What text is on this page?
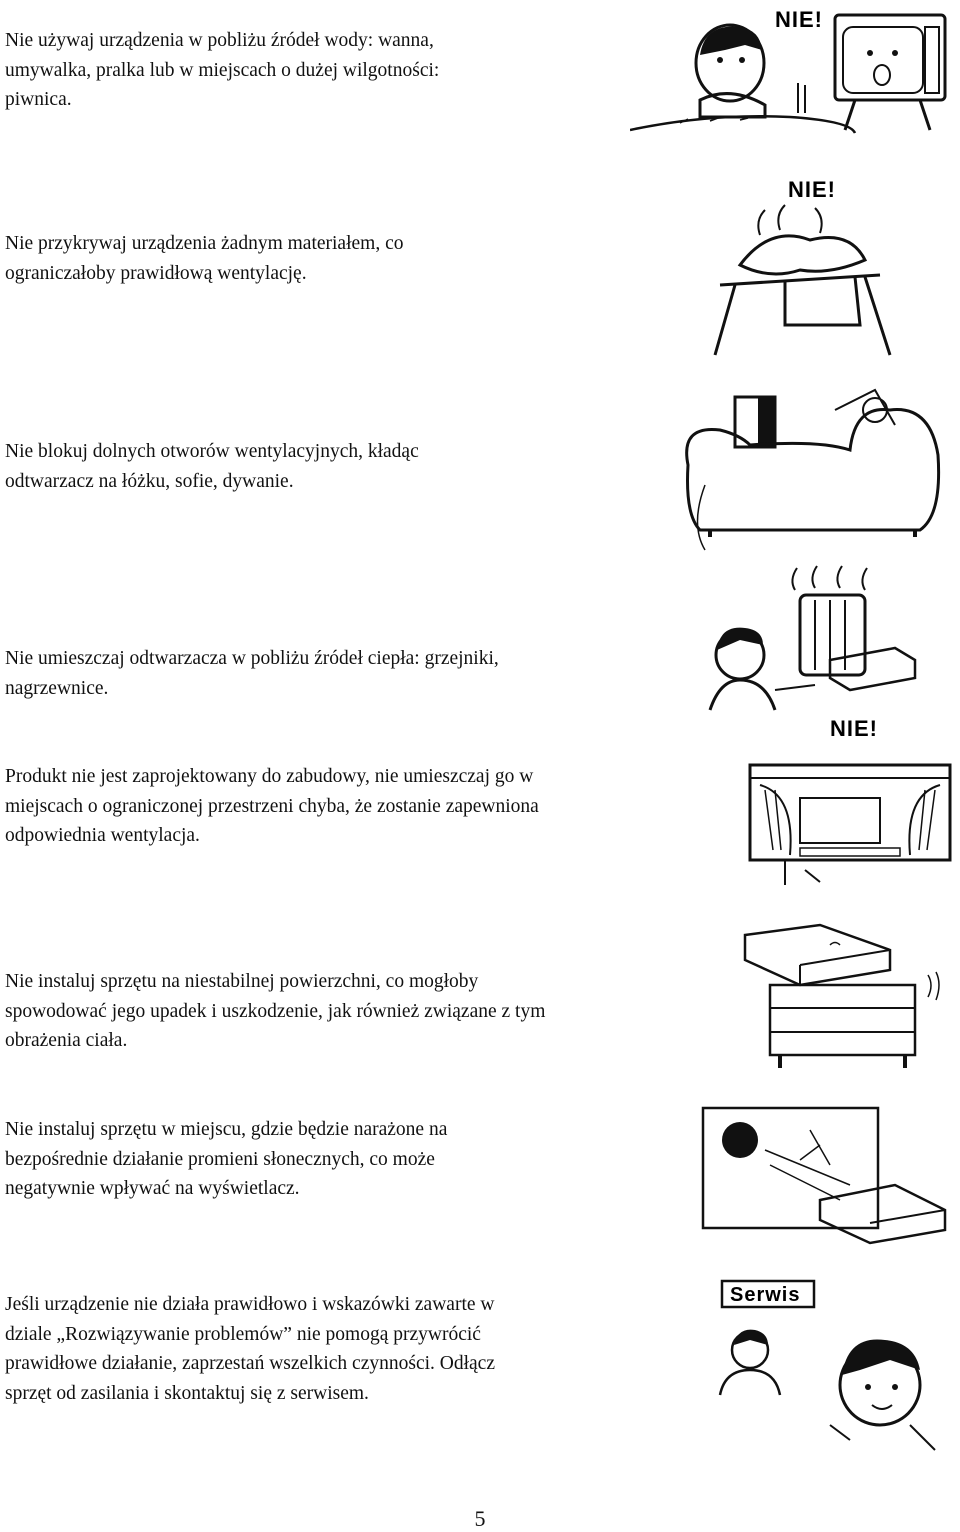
Nie używaj urządzenia w pobliżu źródeł wody: wanna,
umywalka, pralka lub w miejscach o dużej wilgotności:
piwnica.
NIE!
Nie przykrywaj urządzenia żadnym materiałem, co
ograniczałoby prawidłową wentylację.
NIE!
Nie blokuj dolnych otworów wentylacyjnych, kładąc
odtwarzacz na łóżku, sofie, dywanie.
Nie umieszczaj odtwarzacza w pobliżu źródeł ciepła: grzejniki,
nagrzewnice.
Produkt nie jest zaprojektowany do zabudowy, nie umieszczaj go w
miejscach o ograniczonej przestrzeni chyba, że zostanie zapewniona
odpowiednia wentylacja.
NIE!
Nie instaluj sprzętu na niestabilnej powierzchni, co mogłoby
spowodować jego upadek i uszkodzenie, jak również związane z tym
obrażenia ciała.
Nie instaluj sprzętu w miejscu, gdzie będzie narażone na
bezpośrednie działanie promieni słonecznych, co może
negatywnie wpływać na wyświetlacz.
Jeśli urządzenie nie działa prawidłowo i wskazówki zawarte w
dziale „Rozwiązywanie problemów” nie pomogą przywrócić
prawidłowe działanie, zaprzestań wszelkich czynności. Odłącz
sprzęt od zasilania i skontaktuj się z serwisem.
Serwis
5
